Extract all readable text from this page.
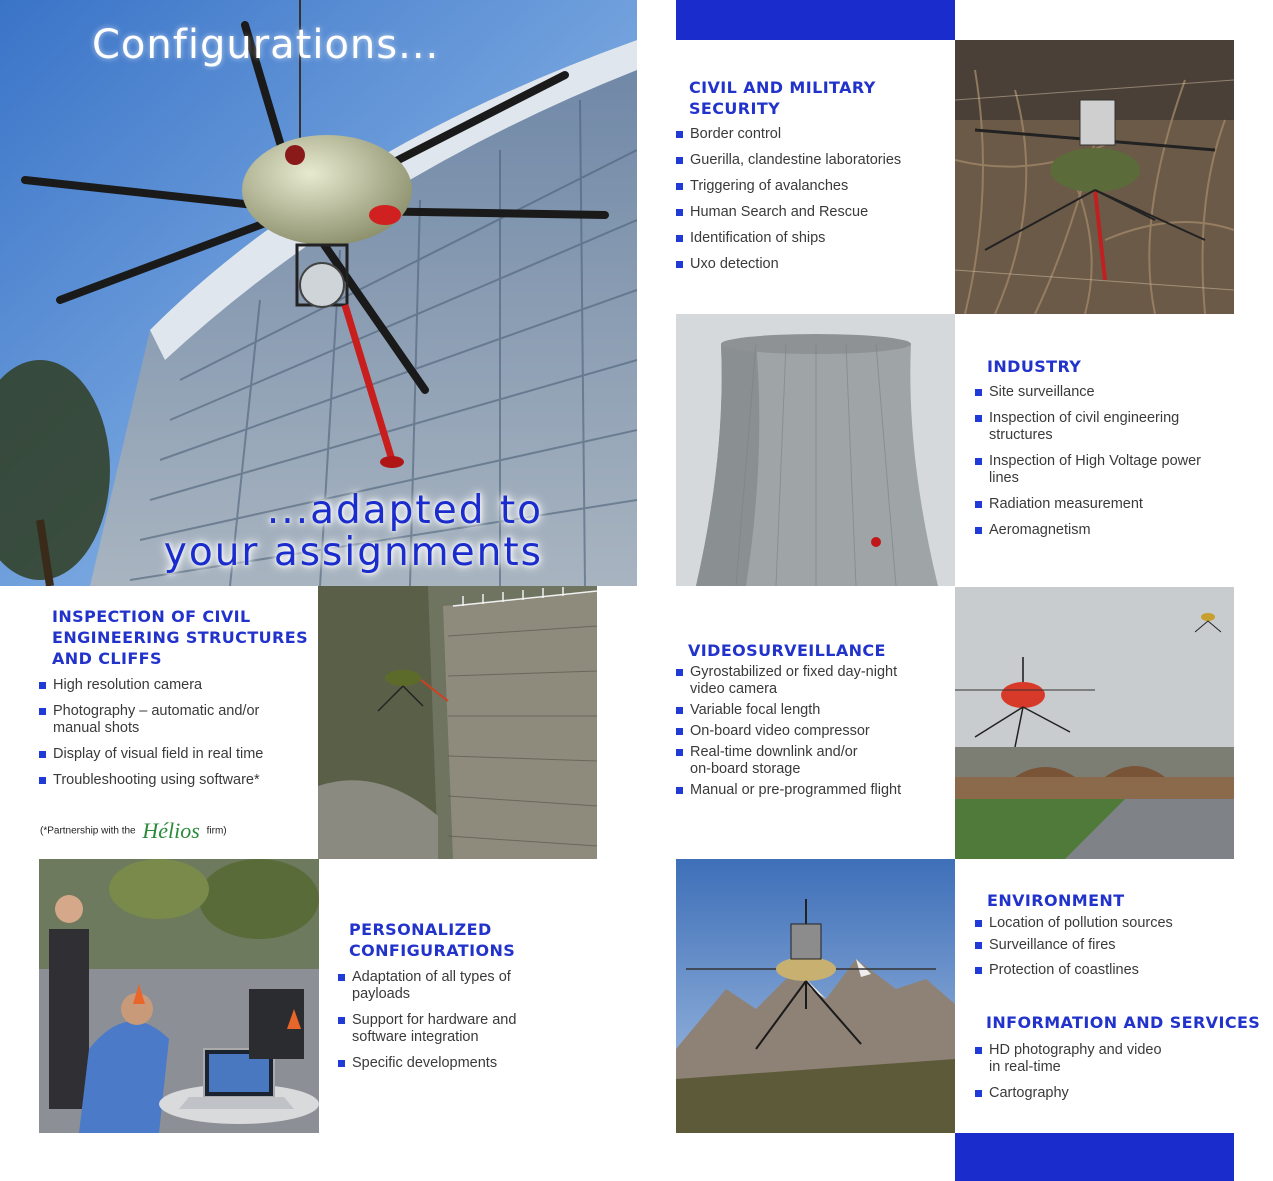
Configurations...
...adapted to
your assignments
CIVIL AND MILITARY SECURITY
Border control
Guerilla, clandestine laboratories
Triggering of avalanches
Human Search and Rescue
Identification of ships
Uxo detection
INDUSTRY
Site surveillance
Inspection of civil engineering structures
Inspection of High Voltage power lines
Radiation measurement
Aeromagnetism
INSPECTION OF CIVIL ENGINEERING STRUCTURES AND CLIFFS
High resolution camera
Photography – automatic and/or manual shots
Display of visual field in real time
Troubleshooting using software*
(*Partnership with the Hélios firm)
VIDEOSURVEILLANCE
Gyrostabilized or fixed day-night video camera
Variable focal length
On-board video compressor
Real-time downlink and/or on-board storage
Manual or pre-programmed flight
PERSONALIZED CONFIGURATIONS
Adaptation of all types of payloads
Support for hardware and software integration
Specific developments
ENVIRONMENT
Location of pollution sources
Surveillance of fires
Protection of coastlines
INFORMATION AND SERVICES
HD photography and video in real-time
Cartography
